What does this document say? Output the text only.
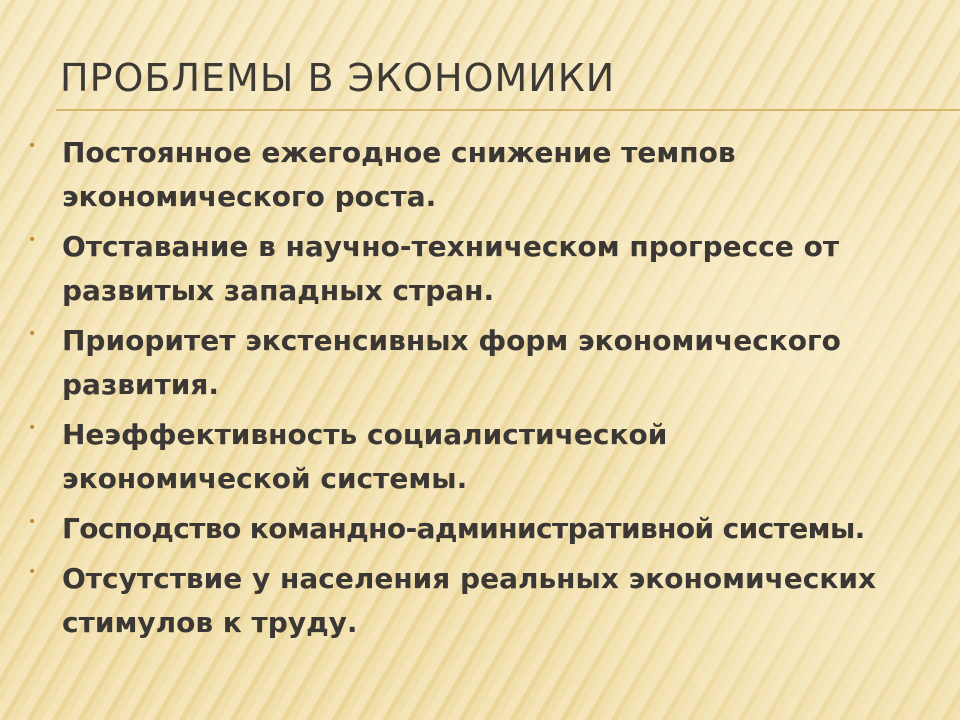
ПРОБЛЕМЫ В ЭКОНОМИКИ
• Постоянное ежегодное снижение темпов экономического роста.
• Отставание в научно-техническом прогрессе от развитых западных стран.
• Приоритет экстенсивных форм экономического развития.
• Неэффективность социалистической экономической системы.
• Господство командно-административной системы.
• Отсутствие у населения реальных экономических стимулов к труду.
